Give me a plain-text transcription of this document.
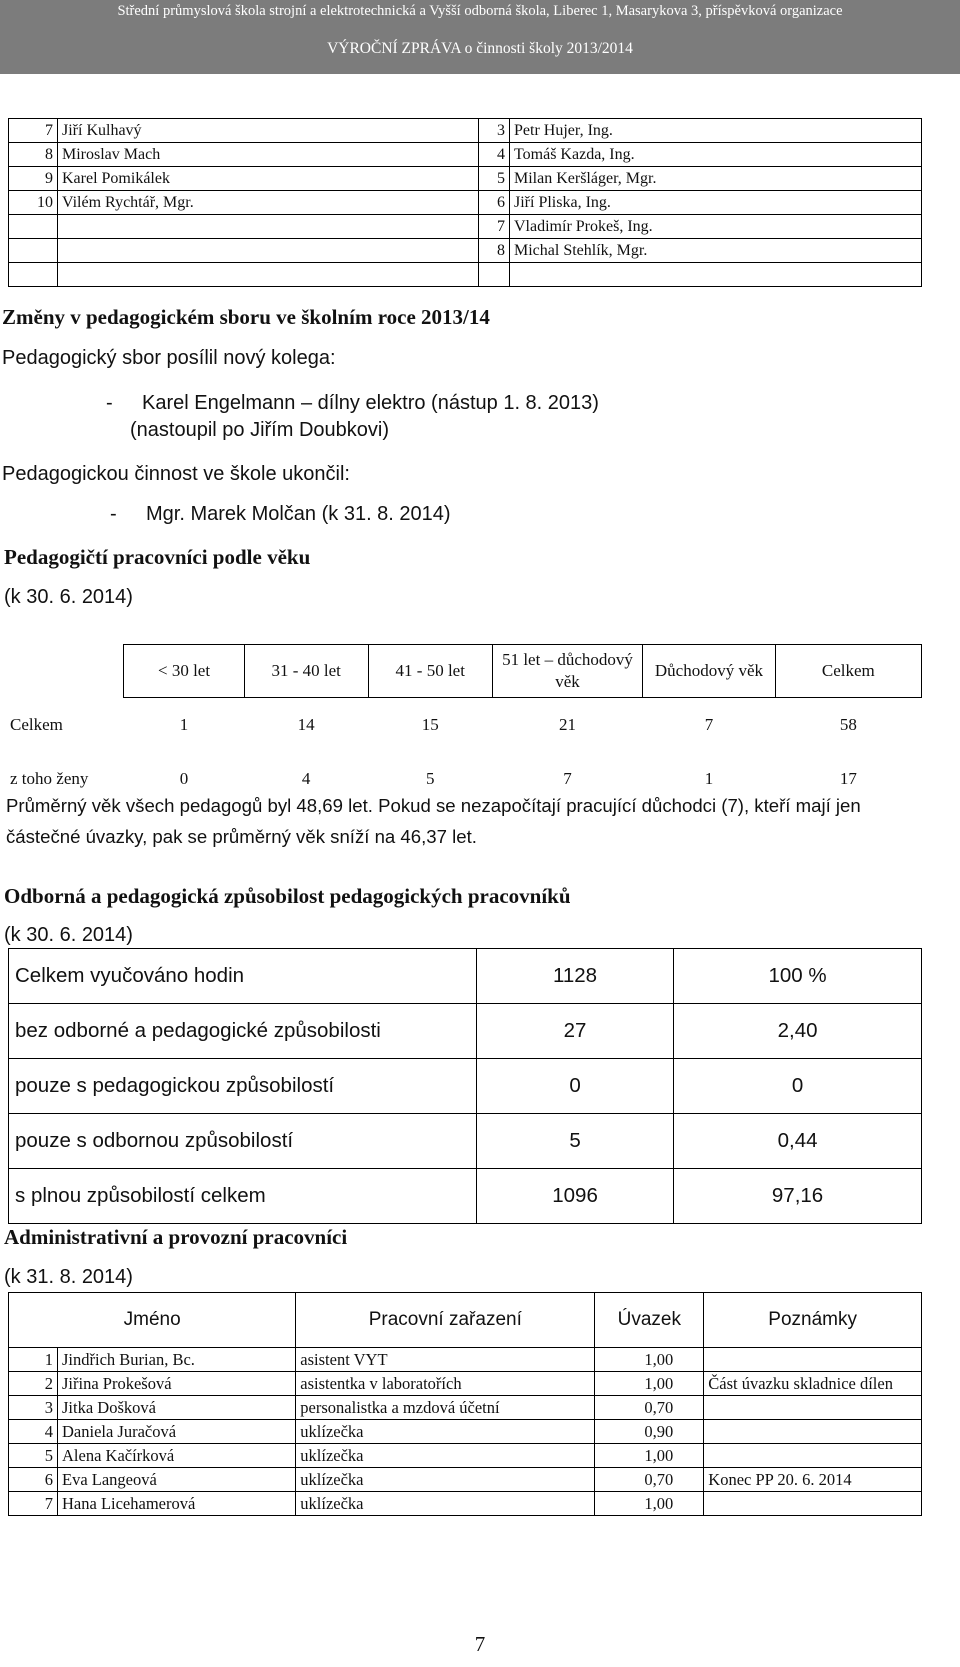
Střední průmyslová škola strojní a elektrotechnická a Vyšší odborná škola, Liberec 1, Masarykova 3, příspěvková organizace
VÝROČNÍ ZPRÁVA o činnosti školy 2013/2014
7	Jiří Kulhavý	3	Petr Hujer, Ing.
8	Miroslav Mach	4	Tomáš Kazda, Ing.
9	Karel Pomikálek	5	Milan Keršláger, Mgr.
10	Vilém Rychtář, Mgr.	6	Jiří Pliska, Ing.
		7	Vladimír Prokeš, Ing.
		8	Michal Stehlík, Mgr.

Změny v pedagogickém sboru ve školním roce 2013/14
Pedagogický sbor posílil nový kolega:
-	Karel Engelmann – dílny elektro (nástup 1. 8. 2013)
(nastoupil po Jiřím Doubkovi)
Pedagogickou činnost ve škole ukončil:
-	Mgr. Marek Molčan (k 31. 8. 2014)
Pedagogičtí pracovníci podle věku
(k 30. 6. 2014)
	< 30 let	31 - 40 let	41 - 50 let	51 let – důchodový věk	Důchodový věk	Celkem
Celkem	1	14	15	21	7	58
z toho ženy	0	4	5	7	1	17
Průměrný věk všech pedagogů byl 48,69 let. Pokud se nezapočítají pracující důchodci (7), kteří mají jen částečné úvazky, pak se průměrný věk sníží na 46,37 let.
Odborná a pedagogická způsobilost pedagogických pracovníků
(k 30. 6. 2014)
Celkem vyučováno hodin	1128	100 %
bez odborné a pedagogické způsobilosti	27	2,40
pouze s pedagogickou způsobilostí	0	0
pouze s odbornou způsobilostí	5	0,44
s plnou způsobilostí celkem	1096	97,16
Administrativní a provozní pracovníci
(k 31. 8. 2014)
Jméno		Pracovní zařazení	Úvazek	Poznámky
1	Jindřich Burian, Bc.	asistent VYT	1,00	
2	Jiřina Prokešová	asistentka v laboratořích	1,00	Část úvazku skladnice dílen
3	Jitka Došková	personalistka a mzdová účetní	0,70	
4	Daniela Juračová	uklízečka	0,90	
5	Alena Kačírková	uklízečka	1,00	
6	Eva Langeová	uklízečka	0,70	Konec PP 20. 6. 2014
7	Hana Licehamerová	uklízečka	1,00	
7
